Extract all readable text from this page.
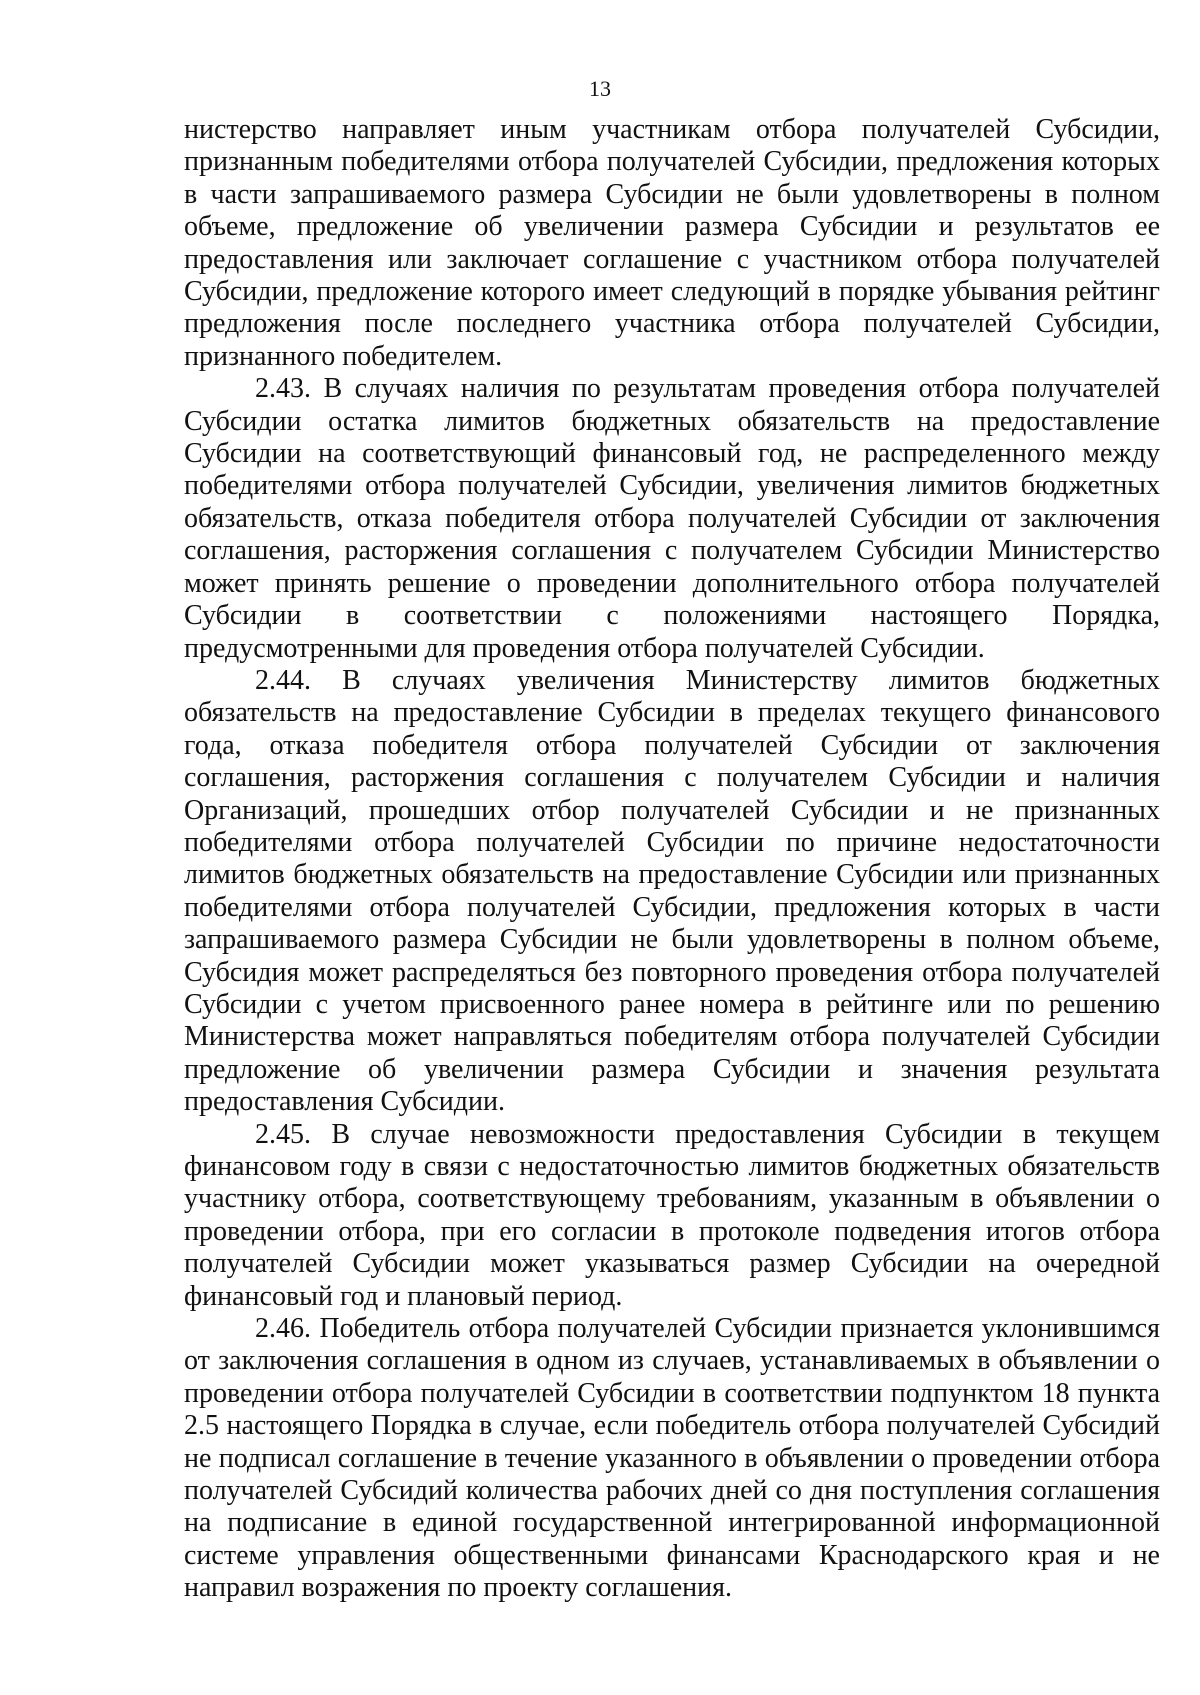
13

нистерство направляет иным участникам отбора получателей Субсидии, признанным победителями отбора получателей Субсидии, предложения которых в части запрашиваемого размера Субсидии не были удовлетворены в полном объеме, предложение об увеличении размера Субсидии и результатов ее предоставления или заключает соглашение с участником отбора получателей Субсидии, предложение которого имеет следующий в порядке убывания рейтинг предложения после последнего участника отбора получателей Субсидии, признанного победителем.

2.43. В случаях наличия по результатам проведения отбора получателей Субсидии остатка лимитов бюджетных обязательств на предоставление Субсидии на соответствующий финансовый год, не распределенного между победителями отбора получателей Субсидии, увеличения лимитов бюджетных обязательств, отказа победителя отбора получателей Субсидии от заключения соглашения, расторжения соглашения с получателем Субсидии Министерство может принять решение о проведении дополнительного отбора получателей Субсидии в соответствии с положениями настоящего Порядка, предусмотренными для проведения отбора получателей Субсидии.

2.44. В случаях увеличения Министерству лимитов бюджетных обязательств на предоставление Субсидии в пределах текущего финансового года, отказа победителя отбора получателей Субсидии от заключения соглашения, расторжения соглашения с получателем Субсидии и наличия Организаций, прошедших отбор получателей Субсидии и не признанных победителями отбора получателей Субсидии по причине недостаточности лимитов бюджетных обязательств на предоставление Субсидии или признанных победителями отбора получателей Субсидии, предложения которых в части запрашиваемого размера Субсидии не были удовлетворены в полном объеме, Субсидия может распределяться без повторного проведения отбора получателей Субсидии с учетом присвоенного ранее номера в рейтинге или по решению Министерства может направляться победителям отбора получателей Субсидии предложение об увеличении размера Субсидии и значения результата предоставления Субсидии.

2.45. В случае невозможности предоставления Субсидии в текущем финансовом году в связи с недостаточностью лимитов бюджетных обязательств участнику отбора, соответствующему требованиям, указанным в объявлении о проведении отбора, при его согласии в протоколе подведения итогов отбора получателей Субсидии может указываться размер Субсидии на очередной финансовый год и плановый период.

2.46. Победитель отбора получателей Субсидии признается уклонившимся от заключения соглашения в одном из случаев, устанавливаемых в объявлении о проведении отбора получателей Субсидии в соответствии подпунктом 18 пункта 2.5 настоящего Порядка в случае, если победитель отбора получателей Субсидий не подписал соглашение в течение указанного в объявлении о проведении отбора получателей Субсидий количества рабочих дней со дня поступления соглашения на подписание в единой государственной интегрированной информационной системе управления общественными финансами Краснодарского края и не направил возражения по проекту соглашения.
